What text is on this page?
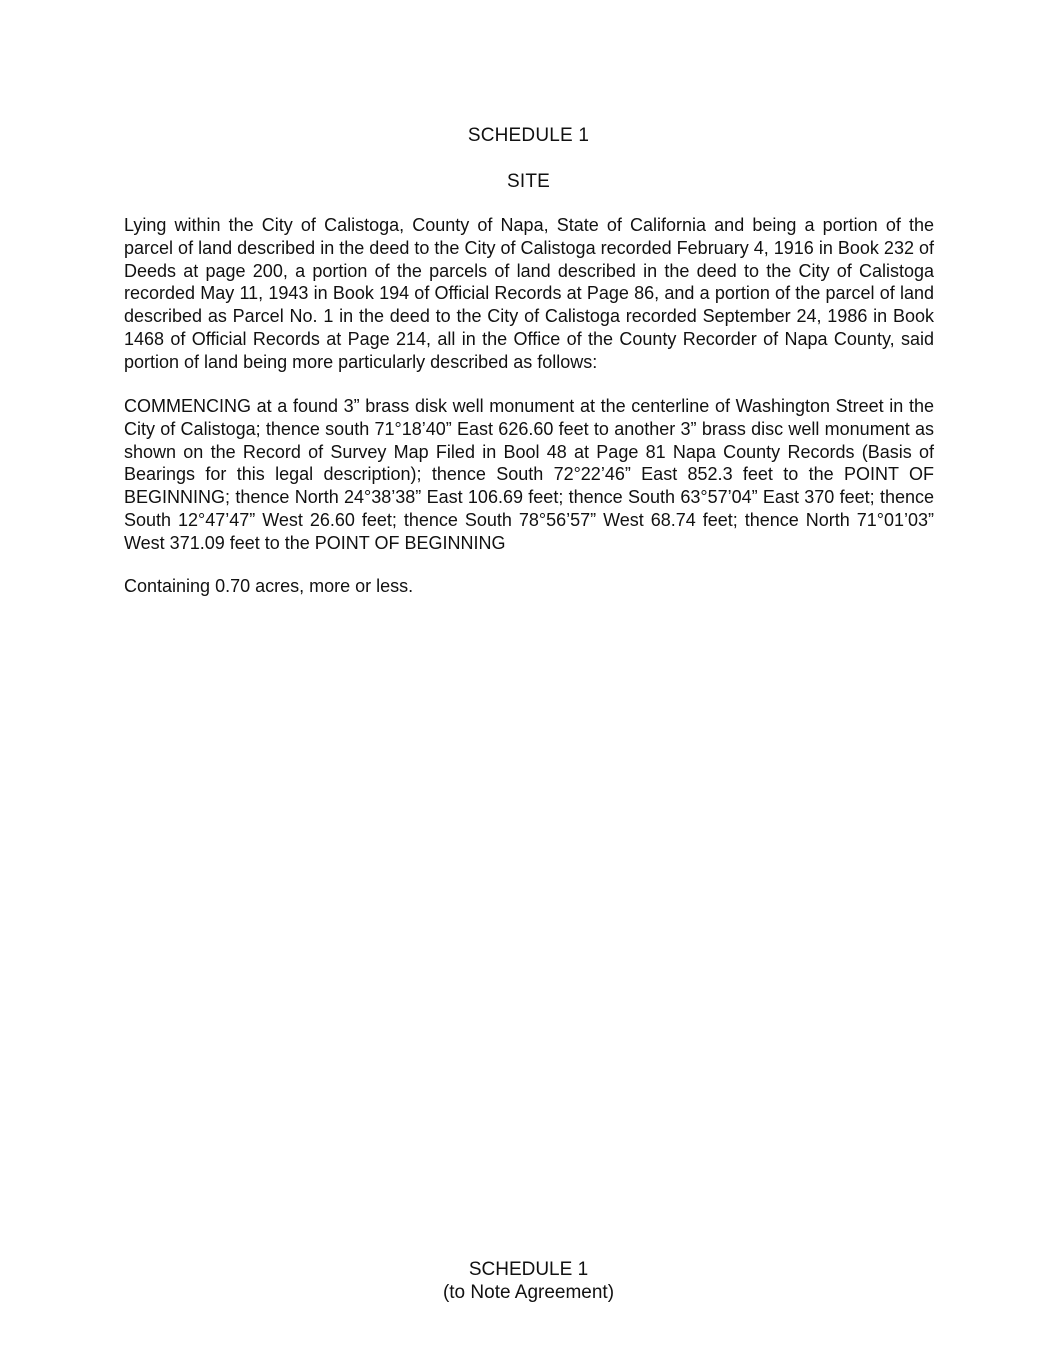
SCHEDULE 1
SITE

Lying within the City of Calistoga, County of Napa, State of California and being a portion of the parcel of land described in the deed to the City of Calistoga recorded February 4, 1916 in Book 232 of Deeds at page 200, a portion of the parcels of land described in the deed to the City of Calistoga recorded May 11, 1943 in Book 194 of Official Records at Page 86, and a portion of the parcel of land described as Parcel No. 1 in the deed to the City of Calistoga recorded September 24, 1986 in Book 1468 of Official Records at Page 214, all in the Office of the County Recorder of Napa County, said portion of land being more particularly described as follows:

COMMENCING at a found 3” brass disk well monument at the centerline of Washington Street in the City of Calistoga; thence south 71°18’40” East 626.60 feet to another 3” brass disc well monument as shown on the Record of Survey Map Filed in Bool 48 at Page 81 Napa County Records (Basis of Bearings for this legal description); thence South 72°22’46” East 852.3 feet to the POINT OF BEGINNING; thence North 24°38’38” East 106.69 feet; thence South 63°57’04” East 370 feet; thence South 12°47’47” West 26.60 feet; thence South 78°56’57” West 68.74 feet; thence North 71°01’03” West 371.09 feet to the POINT OF BEGINNING

Containing 0.70 acres, more or less.

SCHEDULE 1
(to Note Agreement)
